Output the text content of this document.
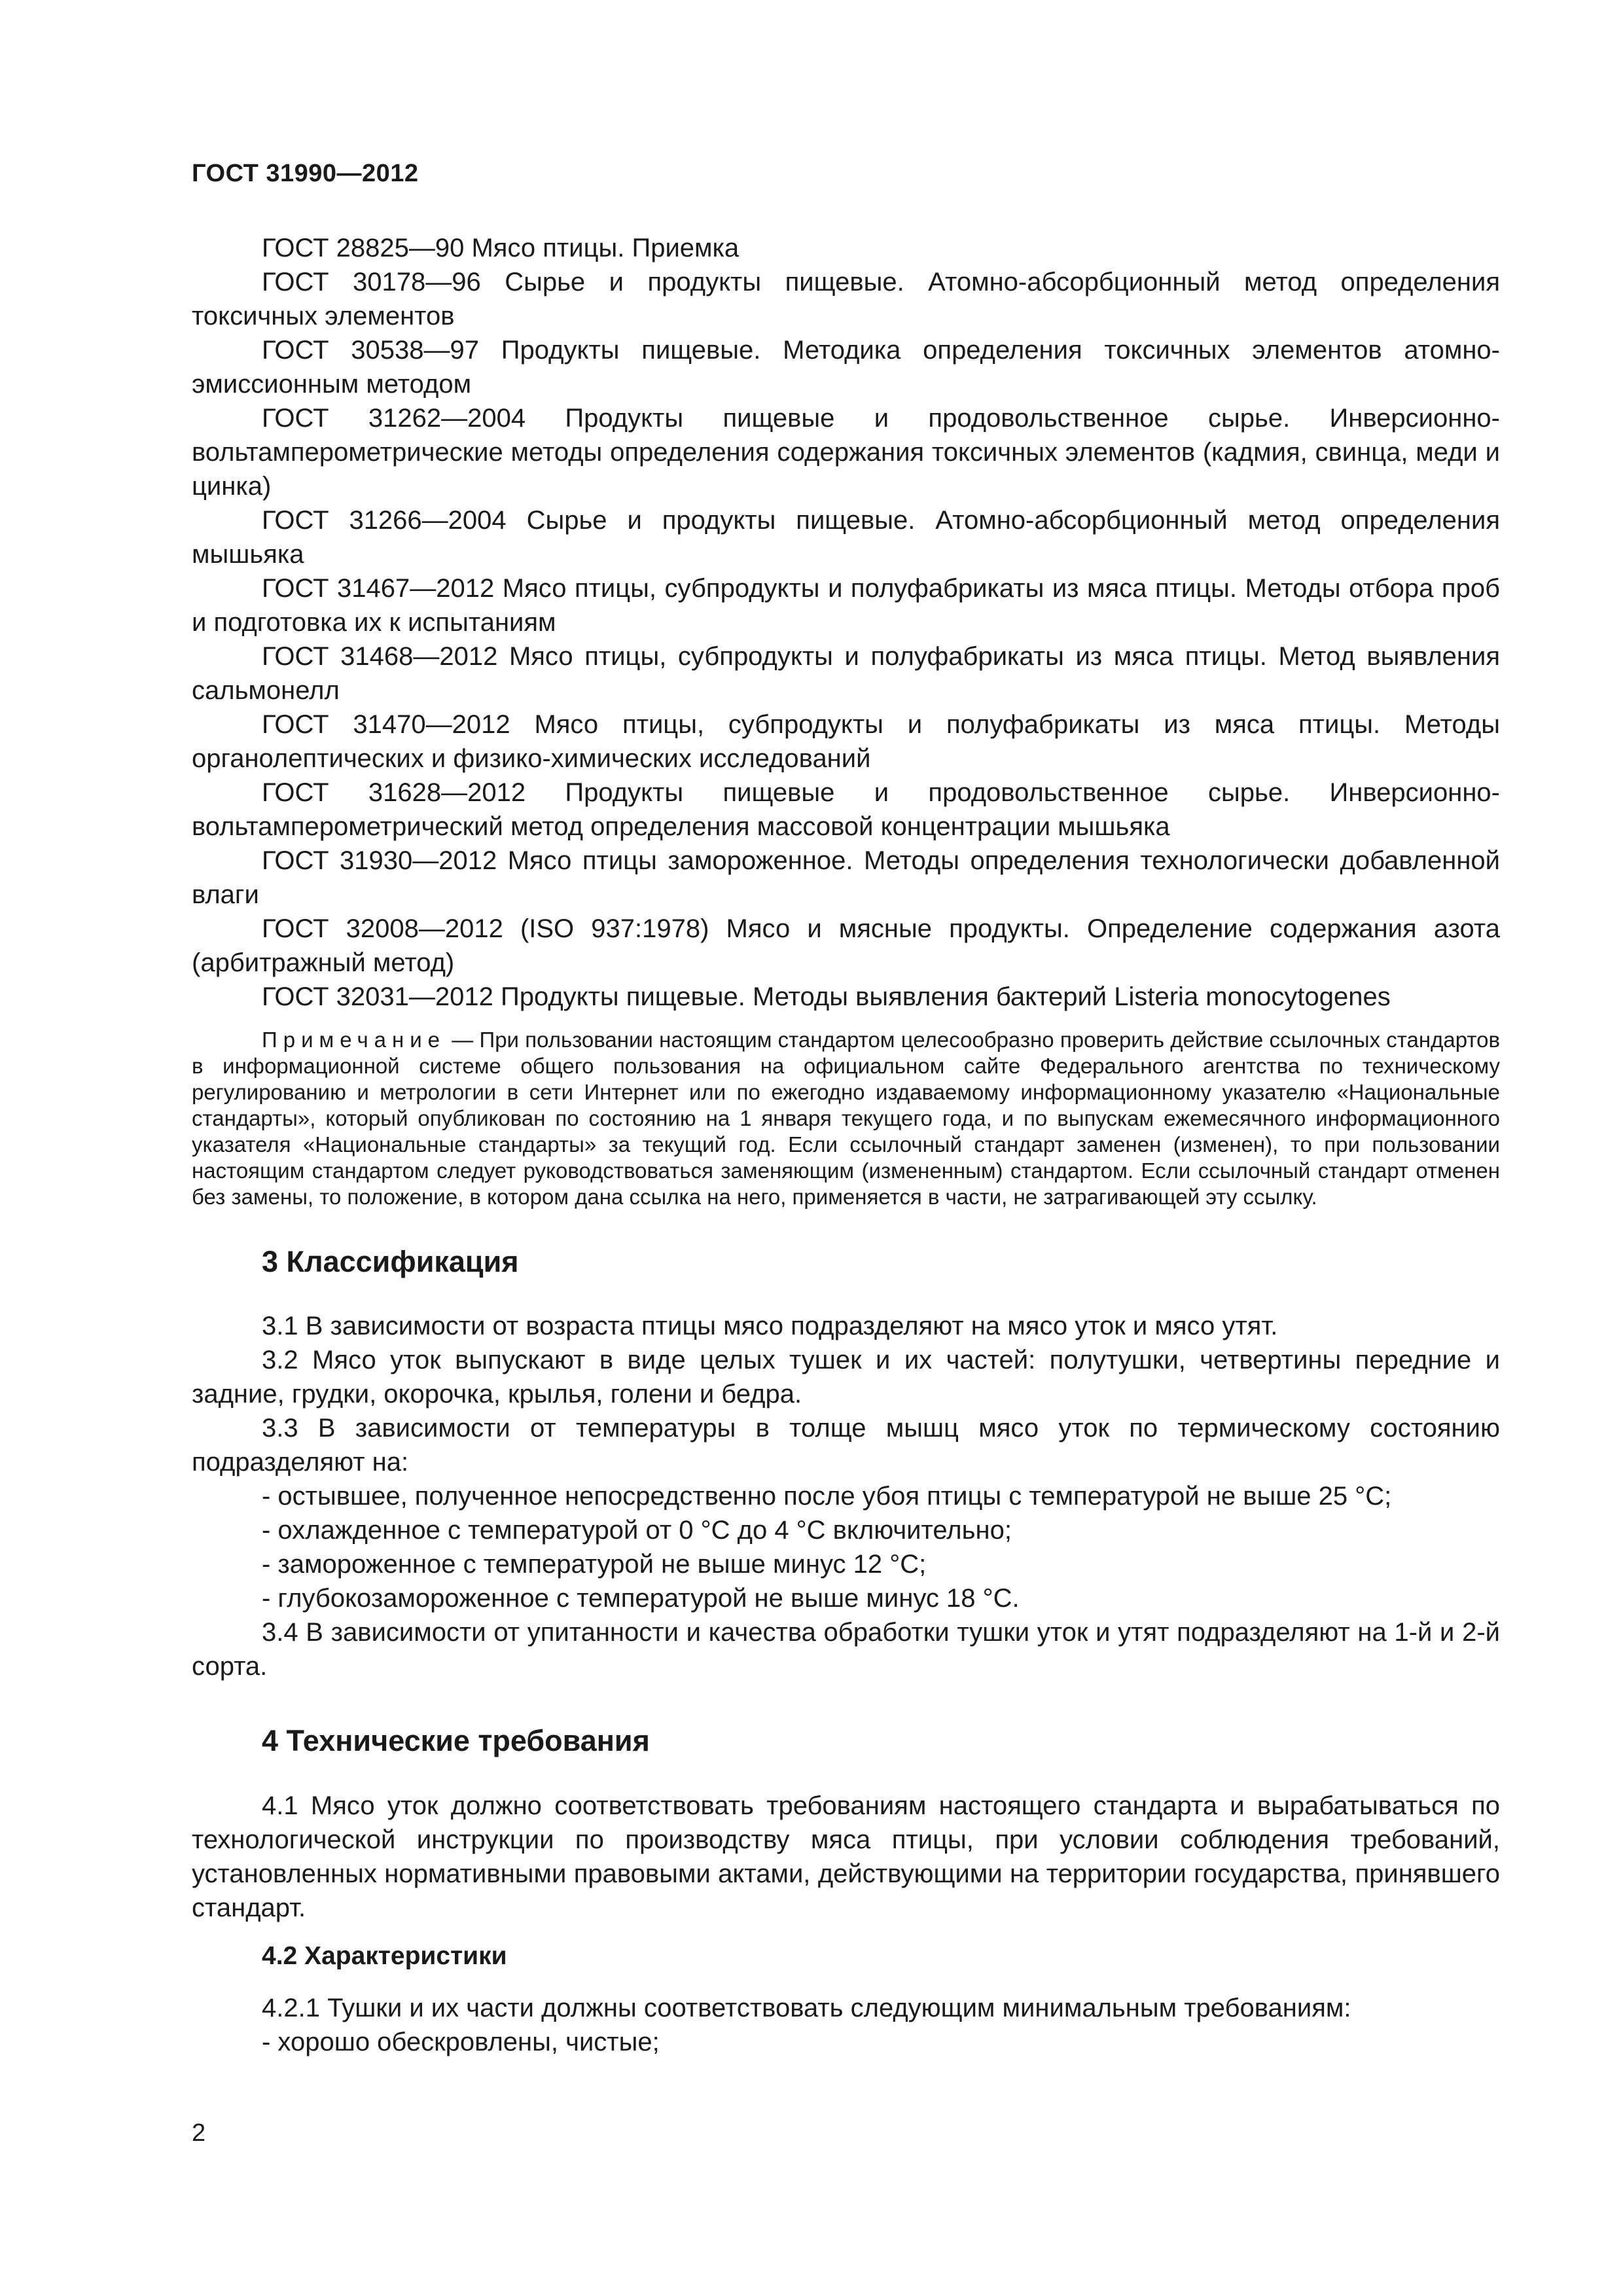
ГОСТ 31990—2012

ГОСТ 28825—90 Мясо птицы. Приемка

ГОСТ 30178—96 Сырье и продукты пищевые. Атомно-абсорбционный метод определения токсичных элементов

ГОСТ 30538—97 Продукты пищевые. Методика определения токсичных элементов атомно-эмиссионным методом

ГОСТ 31262—2004 Продукты пищевые и продовольственное сырье. Инверсионно-вольтамперометрические методы определения содержания токсичных элементов (кадмия, свинца, меди и цинка)

ГОСТ 31266—2004 Сырье и продукты пищевые. Атомно-абсорбционный метод определения мышьяка

ГОСТ 31467—2012 Мясо птицы, субпродукты и полуфабрикаты из мяса птицы. Методы отбора проб и подготовка их к испытаниям

ГОСТ 31468—2012 Мясо птицы, субпродукты и полуфабрикаты из мяса птицы. Метод выявления сальмонелл

ГОСТ 31470—2012 Мясо птицы, субпродукты и полуфабрикаты из мяса птицы. Методы органолептических и физико-химических исследований

ГОСТ 31628—2012 Продукты пищевые и продовольственное сырье. Инверсионно-вольтамперометрический метод определения массовой концентрации мышьяка

ГОСТ 31930—2012 Мясо птицы замороженное. Методы определения технологически добавленной влаги

ГОСТ 32008—2012 (ISO 937:1978) Мясо и мясные продукты. Определение содержания азота (арбитражный метод)

ГОСТ 32031—2012 Продукты пищевые. Методы выявления бактерий Listeria monocytogenes

Примечание — При пользовании настоящим стандартом целесообразно проверить действие ссылочных стандартов в информационной системе общего пользования на официальном сайте Федерального агентства по техническому регулированию и метрологии в сети Интернет или по ежегодно издаваемому информационному указателю «Национальные стандарты», который опубликован по состоянию на 1 января текущего года, и по выпускам ежемесячного информационного указателя «Национальные стандарты» за текущий год. Если ссылочный стандарт заменен (изменен), то при пользовании настоящим стандартом следует руководствоваться заменяющим (измененным) стандартом. Если ссылочный стандарт отменен без замены, то положение, в котором дана ссылка на него, применяется в части, не затрагивающей эту ссылку.

3 Классификация

3.1 В зависимости от возраста птицы мясо подразделяют на мясо уток и мясо утят.

3.2 Мясо уток выпускают в виде целых тушек и их частей: полутушки, четвертины передние и задние, грудки, окорочка, крылья, голени и бедра.

3.3 В зависимости от температуры в толще мышц мясо уток по термическому состоянию подразделяют на:

- остывшее, полученное непосредственно после убоя птицы с температурой не выше 25 °С;

- охлажденное с температурой от 0 °С до 4 °С включительно;

- замороженное с температурой не выше минус 12 °С;

- глубокозамороженное с температурой не выше минус 18 °С.

3.4 В зависимости от упитанности и качества обработки тушки уток и утят подразделяют на 1-й и 2-й сорта.

4 Технические требования

4.1 Мясо уток должно соответствовать требованиям настоящего стандарта и вырабатываться по технологической инструкции по производству мяса птицы, при условии соблюдения требований, установленных нормативными правовыми актами, действующими на территории государства, принявшего стандарт.

4.2 Характеристики

4.2.1 Тушки и их части должны соответствовать следующим минимальным требованиям:

- хорошо обескровлены, чистые;

2
